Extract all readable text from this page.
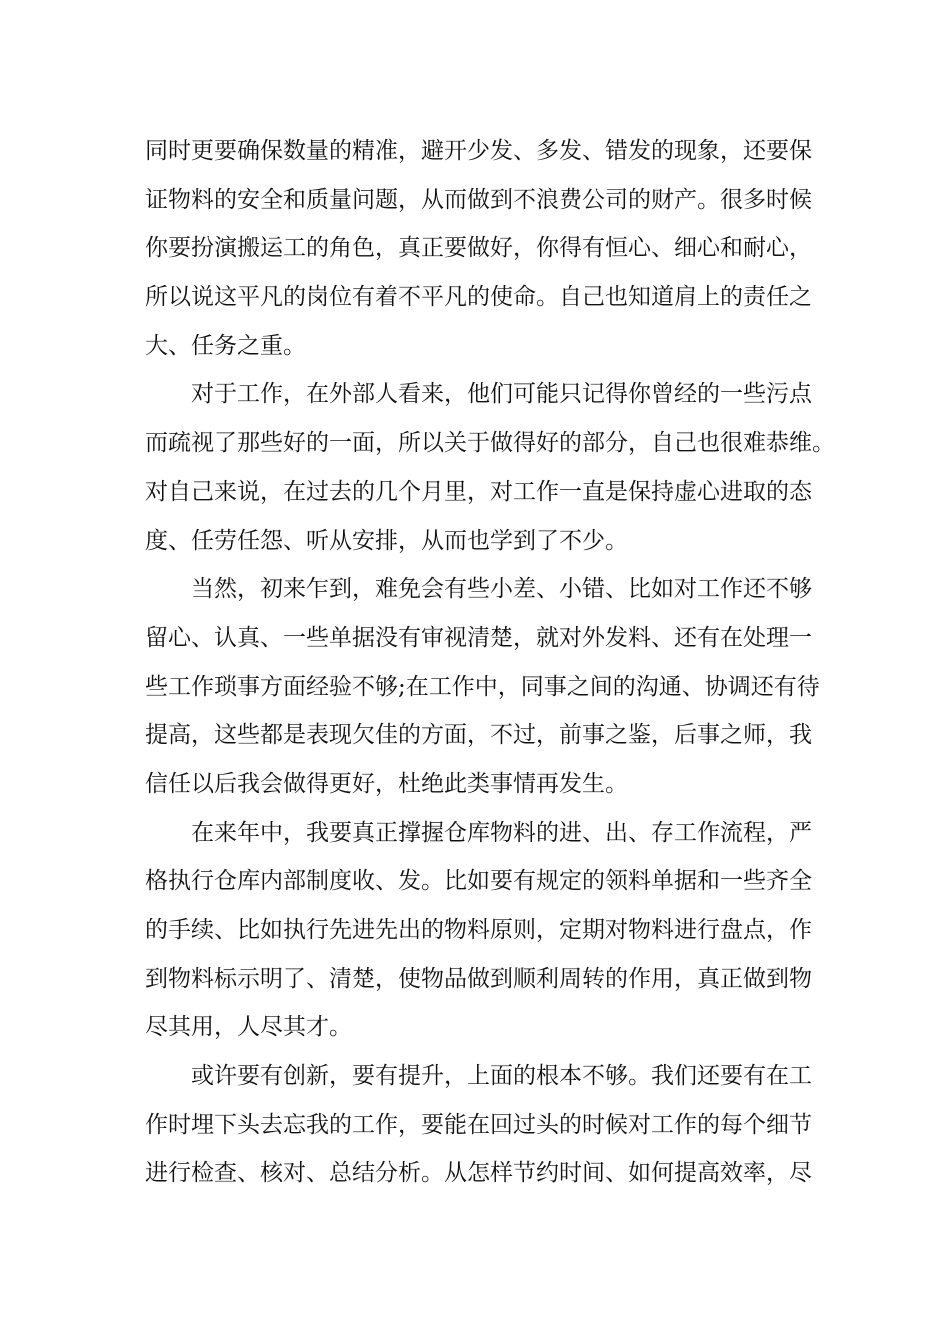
同时更要确保数量的精准，避开少发、多发、错发的现象，还要保
证物料的安全和质量问题，从而做到不浪费公司的财产。很多时候
你要扮演搬运工的角色，真正要做好，你得有恒心、细心和耐心，
所以说这平凡的岗位有着不平凡的使命。自己也知道肩上的责任之
大、任务之重。
对于工作，在外部人看来，他们可能只记得你曾经的一些污点
而疏视了那些好的一面，所以关于做得好的部分，自己也很难恭维。
对自己来说，在过去的几个月里，对工作一直是保持虚心进取的态
度、任劳任怨、听从安排，从而也学到了不少。
当然，初来乍到，难免会有些小差、小错、比如对工作还不够
留心、认真、一些单据没有审视清楚，就对外发料、还有在处理一
些工作琐事方面经验不够;在工作中，同事之间的沟通、协调还有待
提高，这些都是表现欠佳的方面，不过，前事之鉴，后事之师，我
信任以后我会做得更好，杜绝此类事情再发生。
在来年中，我要真正撑握仓库物料的进、出、存工作流程，严
格执行仓库内部制度收、发。比如要有规定的领料单据和一些齐全
的手续、比如执行先进先出的物料原则，定期对物料进行盘点，作
到物料标示明了、清楚，使物品做到顺利周转的作用，真正做到物
尽其用，人尽其才。
或许要有创新，要有提升，上面的根本不够。我们还要有在工
作时埋下头去忘我的工作，要能在回过头的时候对工作的每个细节
进行检查、核对、总结分析。从怎样节约时间、如何提高效率，尽
